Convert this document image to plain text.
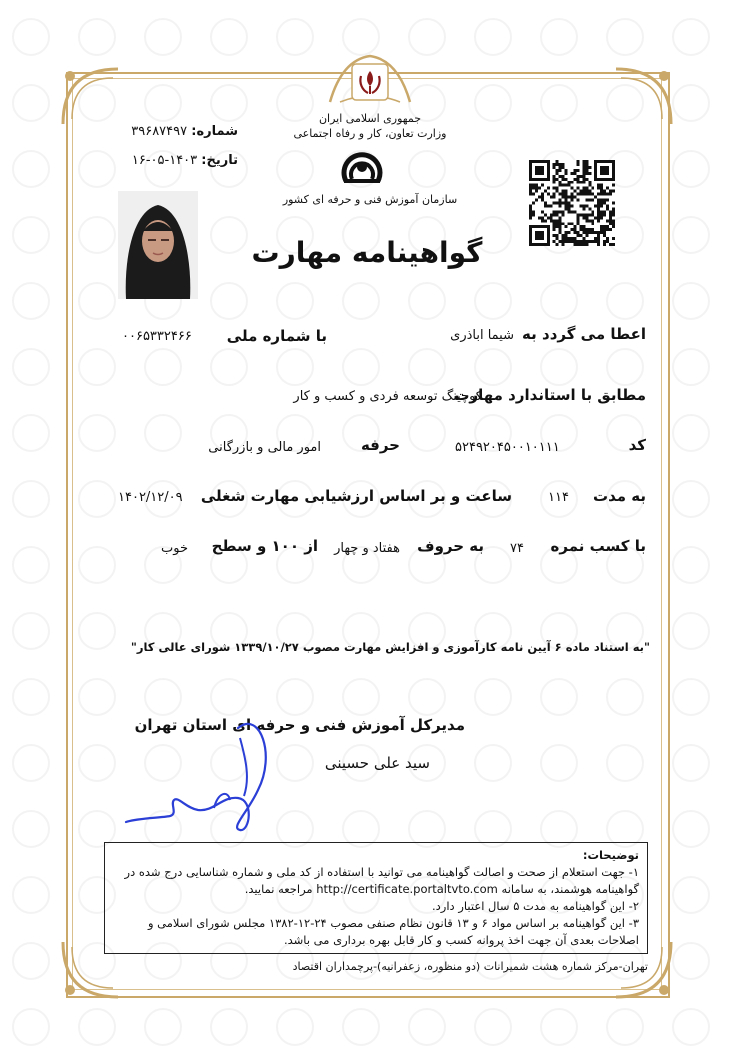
جمهوری اسلامی ایران
وزارت تعاون، کار و رفاه اجتماعی
سازمان آموزش فنی و حرفه ای کشور
شماره: ۳۹۶۸۷۴۹۷
تاریخ: ۱۴۰۳-۰۵-۱۶
گواهینامه مهارت
اعطا می گردد به
شیما اباذری
با شماره ملی
۰۰۶۵۳۳۲۴۶۶
مطابق با استاندارد مهارت
کوچینگ توسعه فردی و کسب و کار
کد
۵۲۴۹۲۰۴۵۰۰۱۰۱۱۱
حرفه
امور مالی و بازرگانی
به مدت
۱۱۴
ساعت و بر اساس ارزشیابی مهارت شغلی
۱۴۰۲/۱۲/۰۹
با کسب نمره
۷۴
به حروف
هفتاد و چهار
از ۱۰۰ و سطح
خوب
"به استناد ماده ۶ آیین نامه کارآموزی و افزایش مهارت مصوب ۱۳۳۹/۱۰/۲۷ شورای عالی کار"
مدیرکل آموزش فنی و حرفه ای استان تهران
سید علی حسینی
توضیحات:
۱- جهت استعلام از صحت و اصالت گواهینامه می توانید با استفاده از کد ملی و شماره شناسایی درج شده در گواهینامه هوشمند، به سامانه http://certificate.portaltvto.com مراجعه نمایید.
۲- این گواهینامه به مدت ۵ سال اعتبار دارد.
۳- این گواهینامه بر اساس مواد ۶ و ۱۳ قانون نظام صنفی مصوب ۲۴-۱۲-۱۳۸۲ مجلس شورای اسلامی و اصلاحات بعدی آن جهت اخذ پروانه کسب و کار قابل بهره برداری می باشد.
تهران-مرکز شماره هشت شمیرانات (دو منظوره، زعفرانیه)-پرچمداران اقتصاد
